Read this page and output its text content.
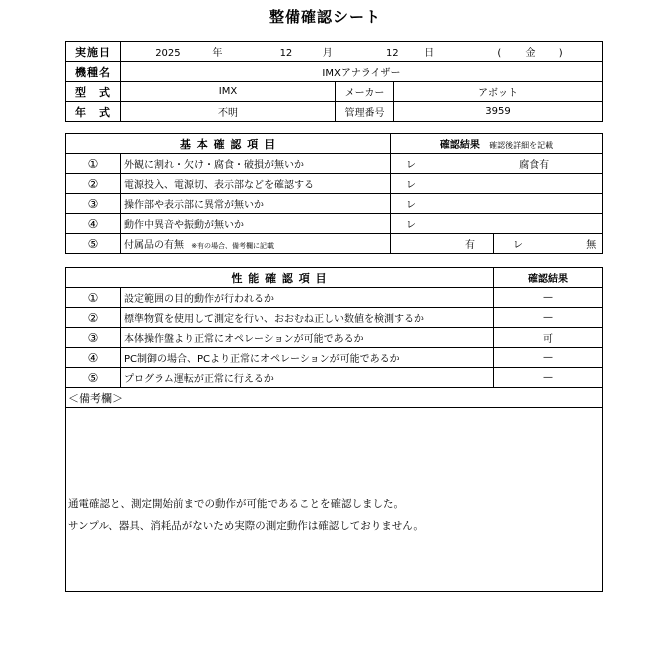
整備確認シート
実施日	2025 年 12 月 12 日 ( 金 )		
機種名	IMXアナライザー		
型　式	IMX	メーカー	アボット
年　式	不明	管理番号	3959
基 本 確 認 項 目		確認結果 確認後詳細を記載	
①	外観に割れ・欠け・腐食・破損が無いか	レ 腐食有	
②	電源投入、電源切、表示部などを確認する	レ	
③	操作部や表示部に異常が無いか	レ	
④	動作中異音や振動が無いか	レ	
⑤	付属品の有無 ※有の場合、備考欄に記載	有	レ 無
性 能 確 認 項 目		確認結果
①	設定範囲の目的動作が行われるか	—
②	標準物質を使用して測定を行い、おおむね正しい数値を検測するか	—
③	本体操作盤より正常にオペレーションが可能であるか	可
④	PC制御の場合、PCより正常にオペレーションが可能であるか	—
⑤	プログラム運転が正常に行えるか	—
＜備考欄＞		

通電確認と、測定開始前までの動作が可能であることを確認しました。
サンプル、器具、消耗品がないため実際の測定動作は確認しておりません。		
